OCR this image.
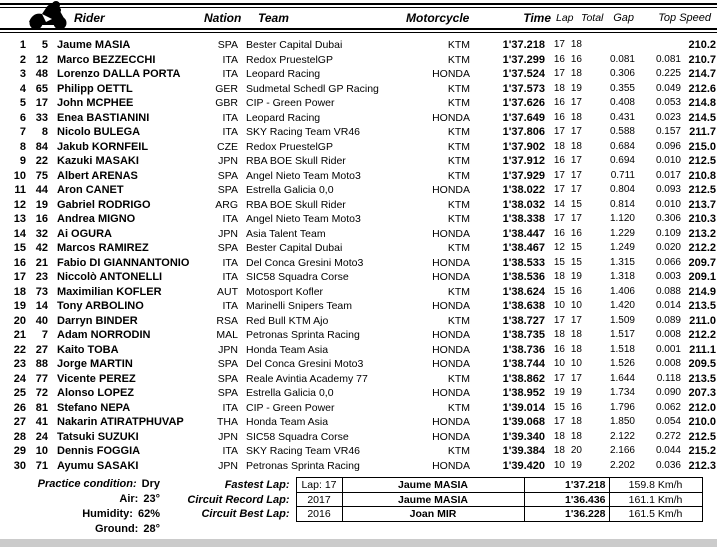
Rider	Nation Team	Motorcycle	Time Lap Total Gap Top Speed
1	5 Jaume MASIA	SPA Bester Capital Dubai	KTM	1'37.218 17 18	210.2
2 12 Marco BEZZECCHI	ITA Redox PruestelGP	KTM	1'37.299 16 16	0.081	0.081 210.7
3 48 Lorenzo DALLA PORTA	ITA Leopard Racing	HONDA	1'37.524 17 18	0.306	0.225 214.7
4 65 Philipp OETTL	GER Sudmetal Schedl GP Racing	KTM	1'37.573 18 19	0.355	0.049 212.6
5 17 John MCPHEE	GBR CIP - Green Power	KTM	1'37.626 16 17	0.408	0.053 214.8
6 33 Enea BASTIANINI	ITA Leopard Racing	HONDA	1'37.649 16 18	0.431	0.023 214.5
7	8 Nicolo BULEGA	ITA SKY Racing Team VR46	KTM	1'37.806 17 17	0.588	0.157 211.7
8 84 Jakub KORNFEIL	CZE Redox PruestelGP	KTM	1'37.902 18 18	0.684	0.096 215.0
9 22 Kazuki MASAKI	JPN RBA BOE Skull Rider	KTM	1'37.912 16 17	0.694	0.010 212.5
10 75 Albert ARENAS	SPA Angel Nieto Team Moto3	KTM	1'37.929 17 17	0.711	0.017 210.8
11 44 Aron CANET	SPA Estrella Galicia 0,0	HONDA	1'38.022 17 17	0.804	0.093 212.5
12 19 Gabriel RODRIGO	ARG RBA BOE Skull Rider	KTM	1'38.032 14 15	0.814	0.010 213.7
13 16 Andrea MIGNO	ITA Angel Nieto Team Moto3	KTM	1'38.338 17 17	1.120	0.306 210.3
14 32 Ai OGURA	JPN Asia Talent Team	HONDA	1'38.447 16 16	1.229	0.109 213.2
15 42 Marcos RAMIREZ	SPA Bester Capital Dubai	KTM	1'38.467 12 15	1.249	0.020 212.2
16 21 Fabio DI GIANNANTONIO	ITA Del Conca Gresini Moto3	HONDA	1'38.533 15 15	1.315	0.066 209.7
17 23 Niccolò ANTONELLI	ITA SIC58 Squadra Corse	HONDA	1'38.536 18 19	1.318	0.003 209.1
18 73 Maximilian KOFLER	AUT Motosport Kofler	KTM	1'38.624 15 16	1.406	0.088 214.9
19 14 Tony ARBOLINO	ITA Marinelli Snipers Team	HONDA	1'38.638 10 10	1.420	0.014 213.5
20 40 Darryn BINDER	RSA Red Bull KTM Ajo	KTM	1'38.727 17 17	1.509	0.089 211.0
21	7 Adam NORRODIN	MAL Petronas Sprinta Racing	HONDA	1'38.735 18 18	1.517	0.008 212.2
22 27 Kaito TOBA	JPN Honda Team Asia	HONDA	1'38.736 16 18	1.518	0.001 211.1
23 88 Jorge MARTIN	SPA Del Conca Gresini Moto3	HONDA	1'38.744 10 10	1.526	0.008 209.5
24 77 Vicente PEREZ	SPA Reale Avintia Academy 77	KTM	1'38.862 17 17	1.644	0.118 213.5
25 72 Alonso LOPEZ	SPA Estrella Galicia 0,0	HONDA	1'38.952 19 19	1.734	0.090 207.3
26 81 Stefano NEPA	ITA CIP - Green Power	KTM	1'39.014 15 16	1.796	0.062 212.0
27 41 Nakarin ATIRATPHUVAP	THA Honda Team Asia	HONDA	1'39.068 17 18	1.850	0.054 210.0
28 24 Tatsuki SUZUKI	JPN SIC58 Squadra Corse	HONDA	1'39.340 18 18	2.122	0.272 212.5
29 10 Dennis FOGGIA	ITA SKY Racing Team VR46	KTM	1'39.384 18 20	2.166	0.044 215.2
30 71 Ayumu SASAKI	JPN Petronas Sprinta Racing	HONDA	1'39.420 10 19	2.202	0.036 212.3
Practice condition: Dry
Air: 23°
Humidity: 62%
Ground: 28°
Fastest Lap:	Lap: 17	Jaume MASIA	1'37.218	159.8 Km/h
Circuit Record Lap:	2017	Jaume MASIA	1'36.436	161.1 Km/h
Circuit Best Lap:	2016	Joan MIR	1'36.228	161.5 Km/h
